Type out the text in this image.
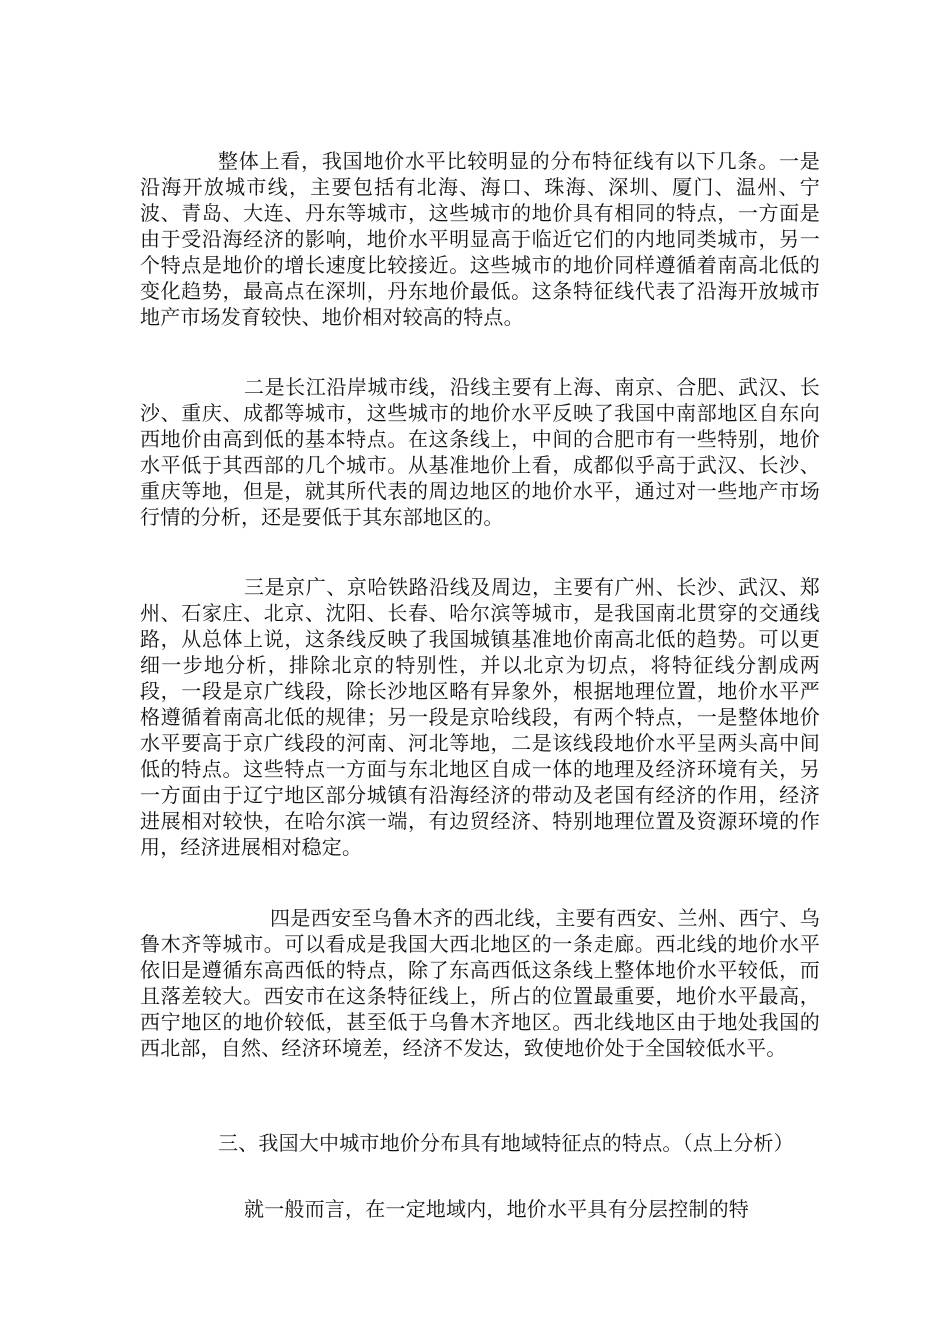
整体上看，我国地价水平比较明显的分布特征线有以下几条。一是沿海开放城市线，主要包括有北海、海口、珠海、深圳、厦门、温州、宁波、青岛、大连、丹东等城市，这些城市的地价具有相同的特点，一方面是由于受沿海经济的影响，地价水平明显高于临近它们的内地同类城市，另一个特点是地价的增长速度比较接近。这些城市的地价同样遵循着南高北低的变化趋势，最高点在深圳，丹东地价最低。这条特征线代表了沿海开放城市地产市场发育较快、地价相对较高的特点。

二是长江沿岸城市线，沿线主要有上海、南京、合肥、武汉、长沙、重庆、成都等城市，这些城市的地价水平反映了我国中南部地区自东向西地价由高到低的基本特点。在这条线上，中间的合肥市有一些特别，地价水平低于其西部的几个城市。从基准地价上看，成都似乎高于武汉、长沙、重庆等地，但是，就其所代表的周边地区的地价水平，通过对一些地产市场行情的分析，还是要低于其东部地区的。

三是京广、京哈铁路沿线及周边，主要有广州、长沙、武汉、郑州、石家庄、北京、沈阳、长春、哈尔滨等城市，是我国南北贯穿的交通线路，从总体上说，这条线反映了我国城镇基准地价南高北低的趋势。可以更细一步地分析，排除北京的特别性，并以北京为切点，将特征线分割成两段，一段是京广线段，除长沙地区略有异象外，根据地理位置，地价水平严格遵循着南高北低的规律；另一段是京哈线段，有两个特点，一是整体地价水平要高于京广线段的河南、河北等地，二是该线段地价水平呈两头高中间低的特点。这些特点一方面与东北地区自成一体的地理及经济环境有关，另一方面由于辽宁地区部分城镇有沿海经济的带动及老国有经济的作用，经济进展相对较快，在哈尔滨一端，有边贸经济、特别地理位置及资源环境的作用，经济进展相对稳定。

四是西安至乌鲁木齐的西北线，主要有西安、兰州、西宁、乌鲁木齐等城市。可以看成是我国大西北地区的一条走廊。西北线的地价水平依旧是遵循东高西低的特点，除了东高西低这条线上整体地价水平较低，而且落差较大。西安市在这条特征线上，所占的位置最重要，地价水平最高，西宁地区的地价较低，甚至低于乌鲁木齐地区。西北线地区由于地处我国的西北部，自然、经济环境差，经济不发达，致使地价处于全国较低水平。

三、我国大中城市地价分布具有地域特征点的特点。（点上分析）

就一般而言，在一定地域内，地价水平具有分层控制的特
